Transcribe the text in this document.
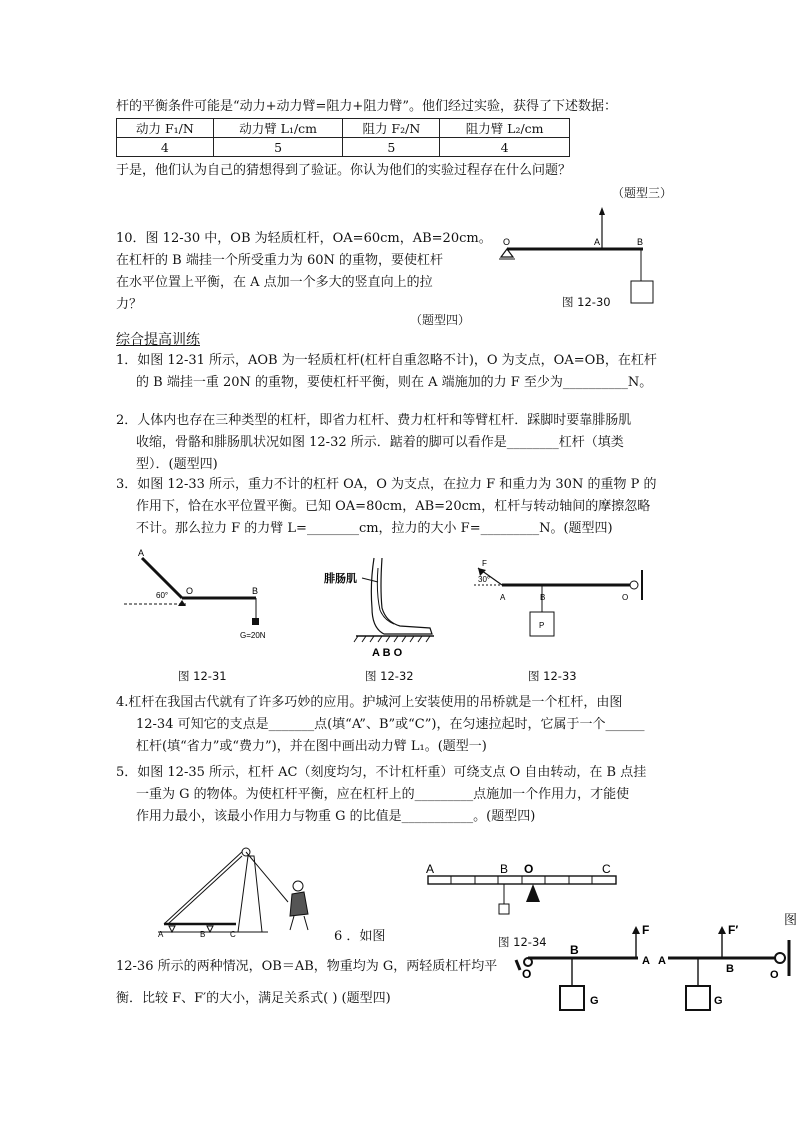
杆的平衡条件可能是“动力+动力臂=阻力+阻力臂”。他们经过实验，获得了下述数据：
动力 F₁/N	动力臂 L₁/cm	阻力 F₂/N	阻力臂 L₂/cm
4	5	5	4
于是，他们认为自己的猜想得到了验证。你认为他们的实验过程存在什么问题？
（题型三）
10．图 12-30 中，OB 为轻质杠杆，OA=60cm，AB=20cm。
在杠杆的 B 端挂一个所受重力为 60N 的重物，要使杠杆
在水平位置上平衡，在 A 点加一个多大的竖直向上的拉
力？
（题型四）
O	A	B
图 12-30
综合提高训练
1．如图 12-31 所示，AOB 为一轻质杠杆(杠杆自重忽略不计)，O 为支点，OA=OB，在杠杆
的 B 端挂一重 20N 的重物，要使杠杆平衡，则在 A 端施加的力 F 至少为__________N。
2．人体内也存在三种类型的杠杆，即省力杠杆、费力杠杆和等臂杠杆．踩脚时要靠腓肠肌
收缩，骨骼和腓肠肌状况如图 12-32 所示．踮着的脚可以看作是________杠杆（填类
型）．(题型四)
3．如图 12-33 所示，重力不计的杠杆 OA，O 为支点，在拉力 F 和重力为 30N 的重物 P 的
作用下，恰在水平位置平衡。已知 OA=80cm，AB=20cm，杠杆与转动轴间的摩擦忽略
不计。那么拉力 F 的力臂 L=________cm，拉力的大小 F=_________N。(题型四)
A
60° O	B
G=20N
图 12-31
腓肠肌
A B O
图 12-32
F
30°
A	B
P
O
图 12-33
4.杠杆在我国古代就有了许多巧妙的应用。护城河上安装使用的吊桥就是一个杠杆，由图
12-34 可知它的支点是_______点(填“A”、B”或“C”)，在匀速拉起时，它属于一个______
杠杆(填“省力”或“费力”)，并在图中画出动力臂 L₁。(题型一)
5．如图 12-35 所示，杠杆 AC（刻度均匀，不计杠杆重）可绕支点 O 自由转动，在 B 点挂
一重为 G 的物体。为使杠杆平衡，应在杠杆上的_________点施加一个作用力，才能使
作用力最小，该最小作用力与物重 G 的比值是___________。(题型四)
A	B	C
A	B O	C
6 ．如图	图 12-34
图
12-36 所示的两种情况，OB＝AB，物重均为 G，两轻质杠杆均平
衡．比较 F、F′的大小，满足关系式( ) (题型四)
B
F
O
A
G
F′
A
B	O
G
